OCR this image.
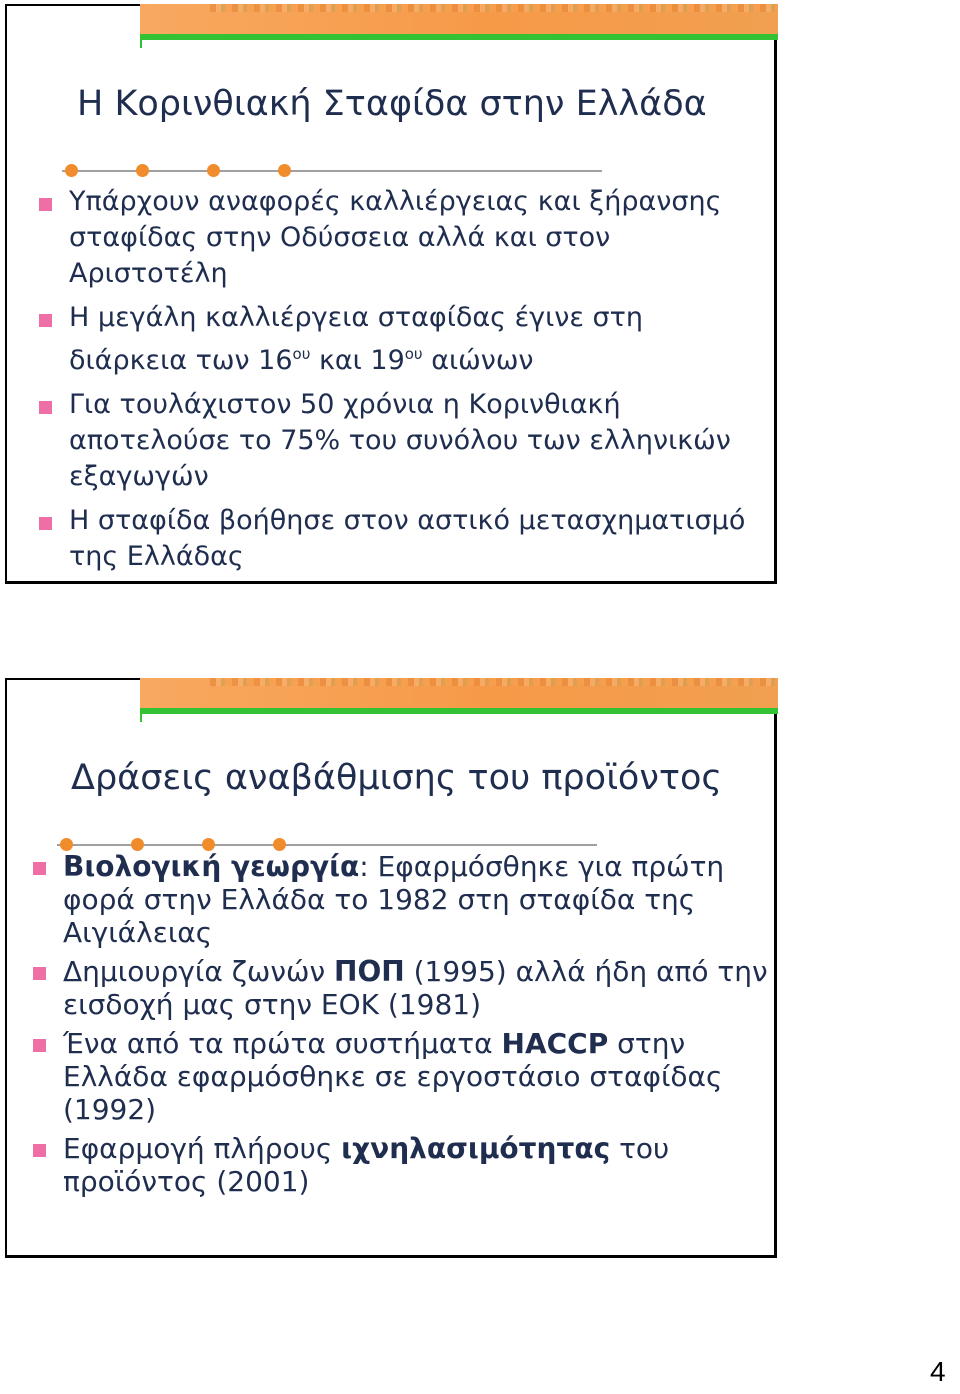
Η Κορινθιακή Σταφίδα στην Ελλάδα
Υπάρχουν αναφορές καλλιέργειας και ξήρανσης σταφίδας στην Οδύσσεια αλλά και στον Αριστοτέλη
Η μεγάλη καλλιέργεια σταφίδας έγινε στη διάρκεια των $16^{o\upsilon}$ και $19^{o\upsilon}$ αιώνων
Για τουλάχιστον 50 χρόνια η Κορινθιακή αποτελούσε το 75% του συνόλου των ελληνικών εξαγωγών
Η σταφίδα βοήθησε στον αστικό μετασχηματισμό της Ελλάδας
Δράσεις αναβάθμισης του προϊόντος
Βιολογική γεωργία: Εφαρμόσθηκε για πρώτη φορά στην Ελλάδα το 1982 στη σταφίδα της Αιγιάλειας
Δημιουργία ζωνών ΠΟΠ (1995) αλλά ήδη από την εισδοχή μας στην ΕΟΚ (1981)
Ένα από τα πρώτα συστήματα HACCP στην Ελλάδα εφαρμόσθηκε σε εργοστάσιο σταφίδας (1992)
Εφαρμογή πλήρους ιχνηλασιμότητας του προϊόντος (2001)
4
